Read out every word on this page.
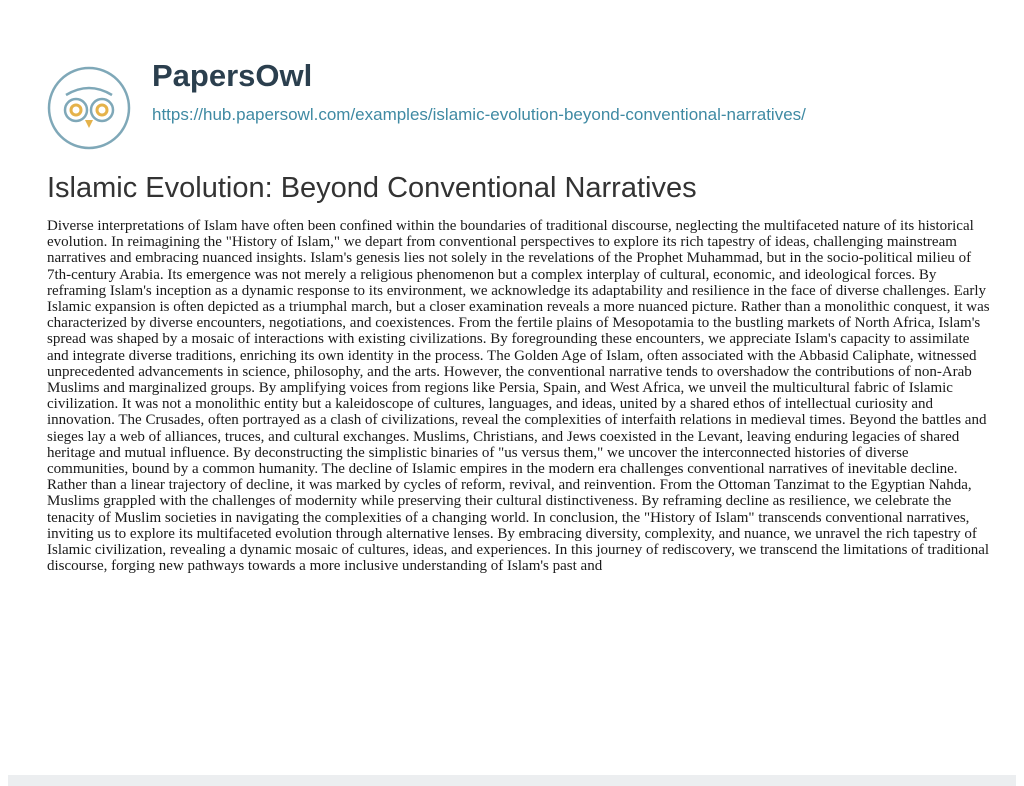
PapersOwl
https://hub.papersowl.com/examples/islamic-evolution-beyond-conventional-narratives/
Islamic Evolution: Beyond Conventional Narratives

Diverse interpretations of Islam have often been confined within the boundaries of traditional discourse, neglecting the multifaceted nature of its historical evolution. In reimagining the "History of Islam," we depart from conventional perspectives to explore its rich tapestry of ideas, challenging mainstream narratives and embracing nuanced insights. Islam's genesis lies not solely in the revelations of the Prophet Muhammad, but in the socio-political milieu of 7th-century Arabia. Its emergence was not merely a religious phenomenon but a complex interplay of cultural, economic, and ideological forces. By reframing Islam's inception as a dynamic response to its environment, we acknowledge its adaptability and resilience in the face of diverse challenges. Early Islamic expansion is often depicted as a triumphal march, but a closer examination reveals a more nuanced picture. Rather than a monolithic conquest, it was characterized by diverse encounters, negotiations, and coexistences. From the fertile plains of Mesopotamia to the bustling markets of North Africa, Islam's spread was shaped by a mosaic of interactions with existing civilizations. By foregrounding these encounters, we appreciate Islam's capacity to assimilate and integrate diverse traditions, enriching its own identity in the process. The Golden Age of Islam, often associated with the Abbasid Caliphate, witnessed unprecedented advancements in science, philosophy, and the arts. However, the conventional narrative tends to overshadow the contributions of non-Arab Muslims and marginalized groups. By amplifying voices from regions like Persia, Spain, and West Africa, we unveil the multicultural fabric of Islamic civilization. It was not a monolithic entity but a kaleidoscope of cultures, languages, and ideas, united by a shared ethos of intellectual curiosity and innovation. The Crusades, often portrayed as a clash of civilizations, reveal the complexities of interfaith relations in medieval times. Beyond the battles and sieges lay a web of alliances, truces, and cultural exchanges. Muslims, Christians, and Jews coexisted in the Levant, leaving enduring legacies of shared heritage and mutual influence. By deconstructing the simplistic binaries of "us versus them," we uncover the interconnected histories of diverse communities, bound by a common humanity. The decline of Islamic empires in the modern era challenges conventional narratives of inevitable decline. Rather than a linear trajectory of decline, it was marked by cycles of reform, revival, and reinvention. From the Ottoman Tanzimat to the Egyptian Nahda, Muslims grappled with the challenges of modernity while preserving their cultural distinctiveness. By reframing decline as resilience, we celebrate the tenacity of Muslim societies in navigating the complexities of a changing world. In conclusion, the "History of Islam" transcends conventional narratives, inviting us to explore its multifaceted evolution through alternative lenses. By embracing diversity, complexity, and nuance, we unravel the rich tapestry of Islamic civilization, revealing a dynamic mosaic of cultures, ideas, and experiences. In this journey of rediscovery, we transcend the limitations of traditional discourse, forging new pathways towards a more inclusive understanding of Islam's past and
